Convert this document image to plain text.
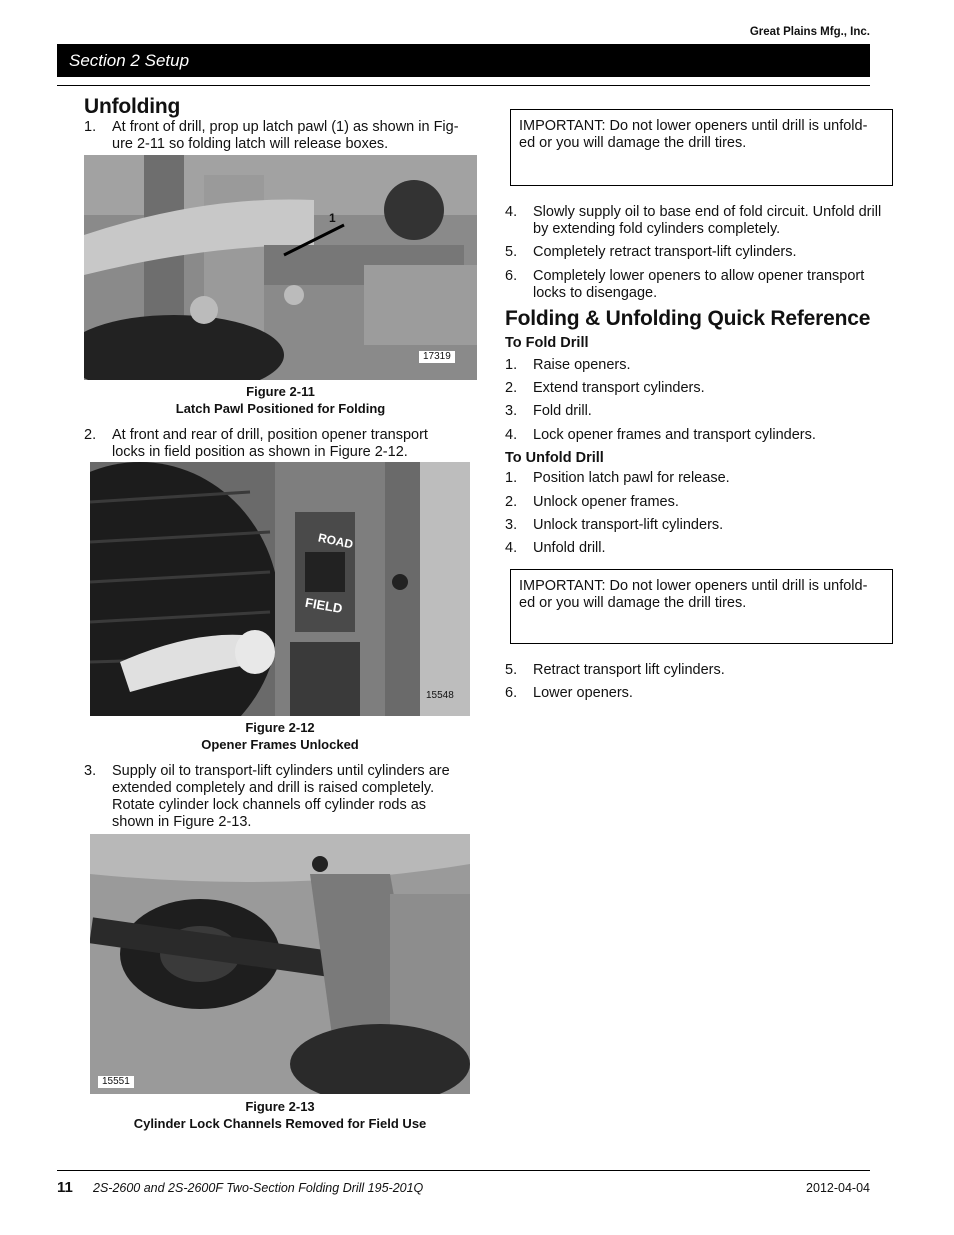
Great Plains Mfg., Inc.
Section 2 Setup
Unfolding
1. At front of drill, prop up latch pawl (1) as shown in Fig-
ure 2-11 so folding latch will release boxes.
17319
1
Figure 2-11
Latch Pawl Positioned for Folding
2. At front and rear of drill, position opener transport
locks in field position as shown in Figure 2-12.
ROAD
FIELD
15548
Figure 2-12
Opener Frames Unlocked
3. Supply oil to transport-lift cylinders until cylinders are
extended completely and drill is raised completely.
Rotate cylinder lock channels off cylinder rods as
shown in Figure 2-13.
15551
Figure 2-13
Cylinder Lock Channels Removed for Field Use
IMPORTANT: Do not lower openers until drill is unfold-
ed or you will damage the drill tires.
4. Slowly supply oil to base end of fold circuit. Unfold drill
by extending fold cylinders completely.
5. Completely retract transport-lift cylinders.
6. Completely lower openers to allow opener transport
locks to disengage.
Folding & Unfolding Quick Reference
To Fold Drill
1. Raise openers.
2. Extend transport cylinders.
3. Fold drill.
4. Lock opener frames and transport cylinders.
To Unfold Drill
1. Position latch pawl for release.
2. Unlock opener frames.
3. Unlock transport-lift cylinders.
4. Unfold drill.
IMPORTANT: Do not lower openers until drill is unfold-
ed or you will damage the drill tires.
5. Retract transport lift cylinders.
6. Lower openers.
11 2S-2600 and 2S-2600F Two-Section Folding Drill 195-201Q	2012-04-04
